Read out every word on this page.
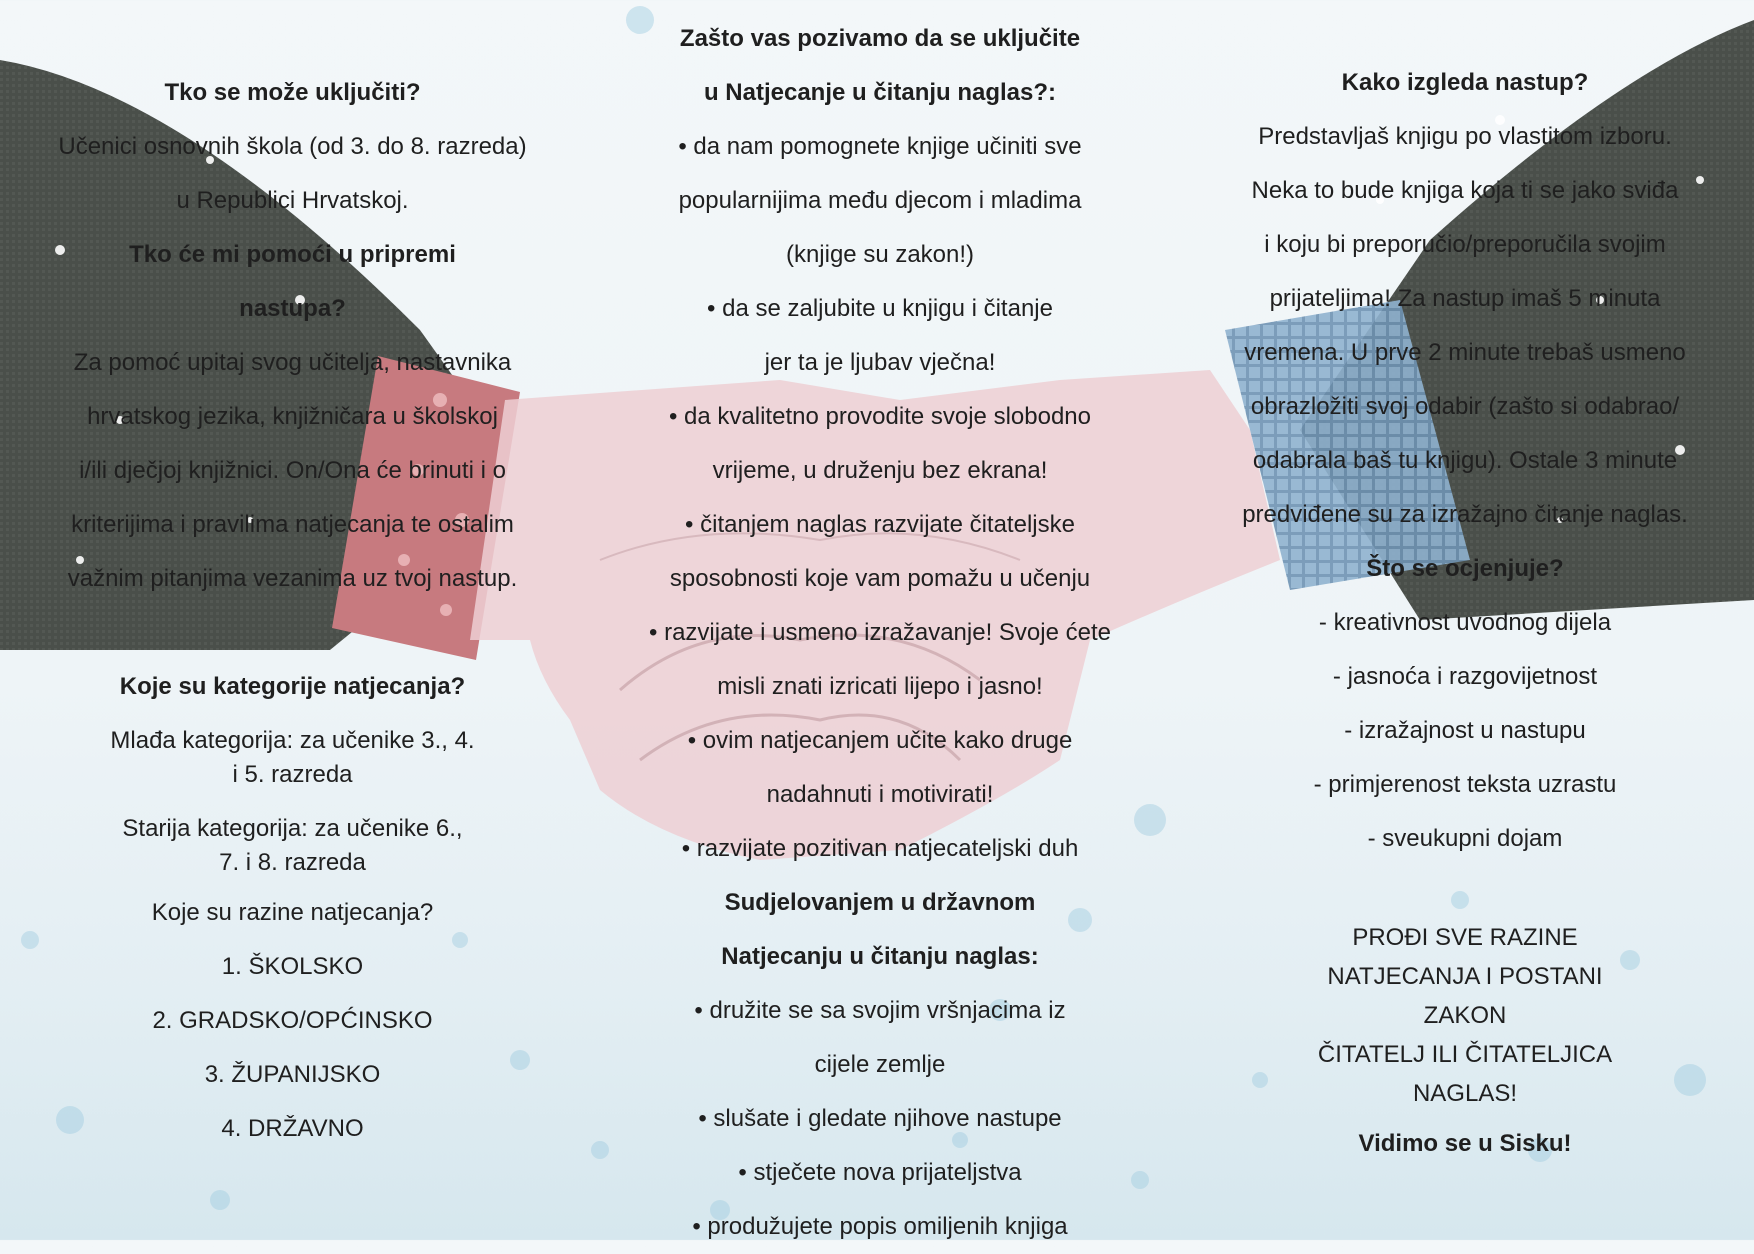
Tko se može uključiti?

Učenici osnovnih škola (od 3. do 8. razreda)

u Republici Hrvatskoj.

Tko će mi pomoći u pripremi

nastupa?

Za pomoć upitaj svog učitelja, nastavnika

hrvatskog jezika, knjižničara u školskoj

i/ili dječjoj knjižnici. On/Ona će brinuti i o

kriterijima i pravilima natjecanja te ostalim

važnim pitanjima vezanima uz tvoj nastup.

Koje su kategorije natjecanja?

Mlađa kategorija: za učenike 3., 4. i 5. razreda

Starija kategorija: za učenike 6., 7. i 8. razreda

Koje su razine natjecanja?

1. ŠKOLSKO

2. GRADSKO/OPĆINSKO

3. ŽUPANIJSKO

4. DRŽAVNO

Zašto vas pozivamo da se uključite

u Natjecanje u čitanju naglas?:

• da nam pomognete knjige učiniti sve

popularnijima među djecom i mladima

(knjige su zakon!)

• da se zaljubite u knjigu i čitanje

jer ta je ljubav vječna!

• da kvalitetno provodite svoje slobodno

vrijeme, u druženju bez ekrana!

• čitanjem naglas razvijate čitateljske

sposobnosti koje vam pomažu u učenju

• razvijate i usmeno izražavanje! Svoje ćete

misli znati izricati lijepo i jasno!

• ovim natjecanjem učite kako druge

nadahnuti i motivirati!

• razvijate pozitivan natjecateljski duh

Sudjelovanjem u državnom

Natjecanju u čitanju naglas:

• družite se sa svojim vršnjacima iz

cijele zemlje

• slušate i gledate njihove nastupe

• stječete nova prijateljstva

• produžujete popis omiljenih knjiga

Kako izgleda nastup?

Predstavljaš knjigu po vlastitom izboru.

Neka to bude knjiga koja ti se jako sviđa

i koju bi preporučio/preporučila svojim

prijateljima! Za nastup imaš 5 minuta

vremena. U prve 2 minute trebaš usmeno

obrazložiti svoj odabir (zašto si odabrao/

odabrala baš tu knjigu). Ostale 3 minute

predviđene su za izražajno čitanje naglas.

Što se ocjenjuje?

- kreativnost uvodnog dijela

- jasnoća i razgovijetnost

- izražajnost u nastupu

- primjerenost teksta uzrastu

- sveukupni dojam

PROĐI SVE RAZINE

NATJECANJA I POSTANI

ZAKON

ČITATELJ ILI ČITATELJICA

NAGLAS!

Vidimo se u Sisku!
